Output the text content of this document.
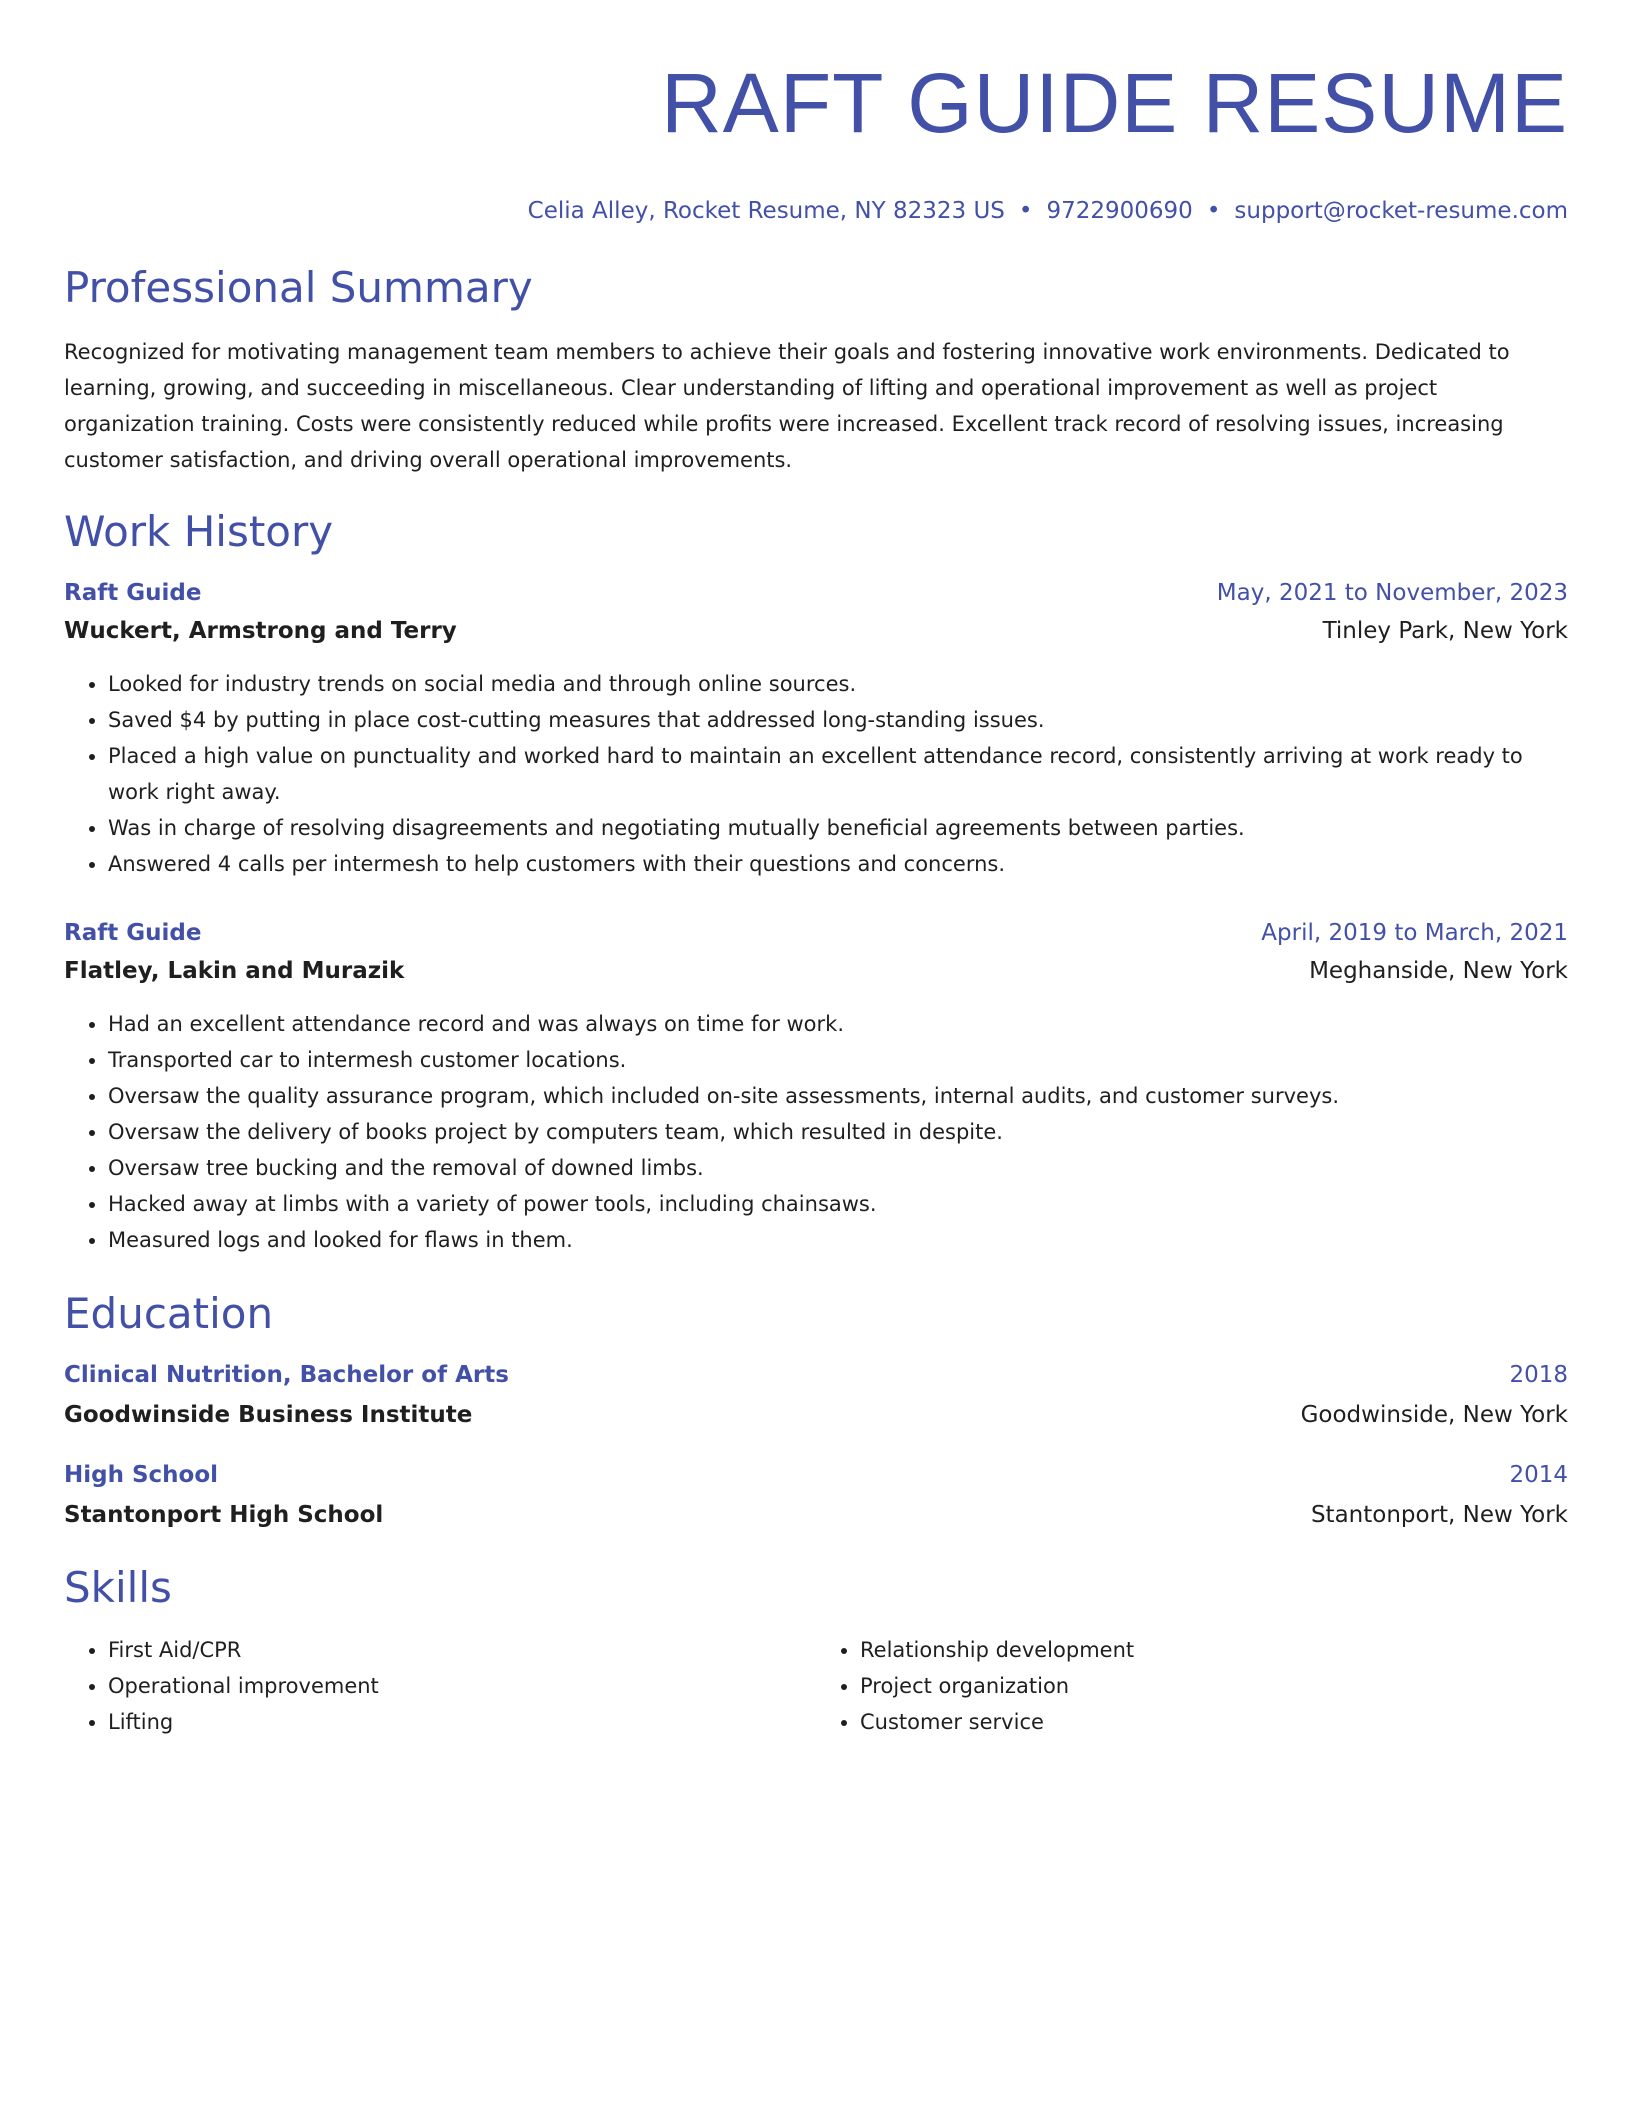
RAFT GUIDE RESUME
Celia Alley, Rocket Resume, NY 82323 US • 9722900690 • support@rocket-resume.com
Professional Summary
Recognized for motivating management team members to achieve their goals and fostering innovative work environments. Dedicated to learning, growing, and succeeding in miscellaneous. Clear understanding of lifting and operational improvement as well as project organization training. Costs were consistently reduced while profits were increased. Excellent track record of resolving issues, increasing customer satisfaction, and driving overall operational improvements.
Work History
Raft Guide	May, 2021 to November, 2023
Wuckert, Armstrong and Terry	Tinley Park, New York
• Looked for industry trends on social media and through online sources.
• Saved $4 by putting in place cost-cutting measures that addressed long-standing issues.
• Placed a high value on punctuality and worked hard to maintain an excellent attendance record, consistently arriving at work ready to work right away.
• Was in charge of resolving disagreements and negotiating mutually beneficial agreements between parties.
• Answered 4 calls per intermesh to help customers with their questions and concerns.
Raft Guide	April, 2019 to March, 2021
Flatley, Lakin and Murazik	Meghanside, New York
• Had an excellent attendance record and was always on time for work.
• Transported car to intermesh customer locations.
• Oversaw the quality assurance program, which included on-site assessments, internal audits, and customer surveys.
• Oversaw the delivery of books project by computers team, which resulted in despite.
• Oversaw tree bucking and the removal of downed limbs.
• Hacked away at limbs with a variety of power tools, including chainsaws.
• Measured logs and looked for flaws in them.
Education
Clinical Nutrition, Bachelor of Arts	2018
Goodwinside Business Institute	Goodwinside, New York
High School	2014
Stantonport High School	Stantonport, New York
Skills
• First Aid/CPR
• Operational improvement
• Lifting
• Relationship development
• Project organization
• Customer service
